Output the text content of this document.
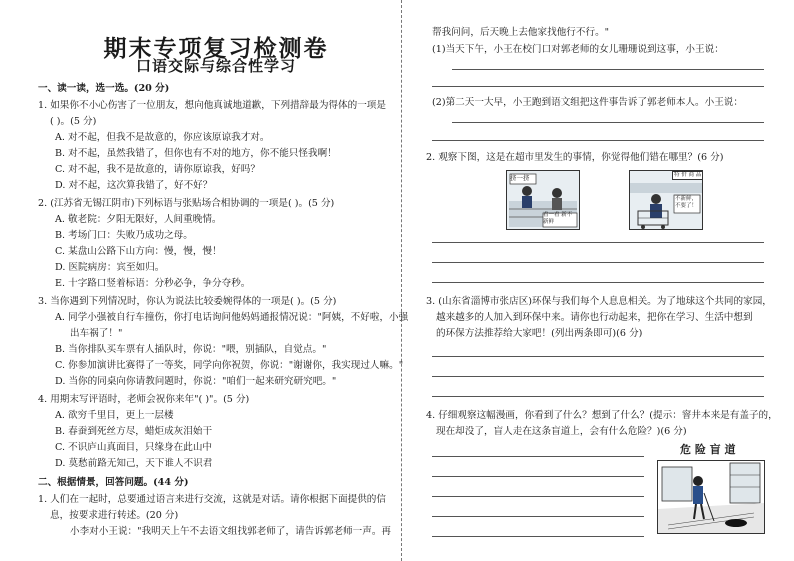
期末专项复习检测卷
口语交际与综合性学习
一、读一读，选一选。(20 分)
1. 如果你不小心伤害了一位朋友，想向他真诚地道歉，下列措辞最为得体的一项是
( )。(5 分)
A. 对不起，但我不是故意的，你应该原谅我才对。
B. 对不起，虽然我错了，但你也有不对的地方，你不能只怪我啊！
C. 对不起，我不是故意的，请你原谅我，好吗？
D. 对不起，这次算我错了，好不好？
2. (江苏省无锡江阴市)下列标语与张贴场合相协调的一项是( )。(5 分)
A. 敬老院：夕阳无限好，人间重晚情。
B. 考场门口：失败乃成功之母。
C. 某盘山公路下山方向：慢，慢，慢！
D. 医院病房：宾至如归。
E. 十字路口竖着标语：分秒必争，争分夺秒。
3. 当你遇到下列情况时，你认为说法比较委婉得体的一项是( )。(5 分)
A. 同学小强被自行车撞伤，你打电话询问他妈妈通报情况说："阿姨，不好啦，小强
出车祸了！"
B. 当你排队买车票有人插队时，你说："喂，别插队，自觉点。"
C. 你参加演讲比赛得了一等奖，同学向你祝贺，你说："谢谢你，我实现过人嘛。"
D. 当你的同桌向你请教问题时，你说："咱们一起来研究研究吧。"
4. 用期末写评语时，老师会祝你来年"( )"。(5 分)
A. 欲穷千里目，更上一层楼
B. 春蚕到死丝方尽，蜡炬成灰泪始干
C. 不识庐山真面目，只缘身在此山中
D. 莫愁前路无知己，天下谁人不识君
二、根据情景，回答问题。(44 分)
1. 人们在一起时，总要通过语言来进行交流，这就是对话。请你根据下面提供的信
息，按要求进行转述。(20 分)
小李对小王说："我明天上午不去语文组找郭老师了，请告诉郭老师一声。再
帮我问问，后天晚上去他家找他行不行。"
(1)当天下午，小王在校门口对郭老师的女儿珊珊说到这事，小王说：
(2)第二天一大早，小王跑到语文组把这件事告诉了郭老师本人。小王说：
2. 观察下图，这是在超市里发生的事情，你觉得他们错在哪里？(6 分)
挤一挤
看一看 新不新鲜
特 价 商 品
不新鲜，不要了！
3. (山东省淄博市张店区)环保与我们每个人息息相关。为了地球这个共同的家园，
越来越多的人加入到环保中来。请你也行动起来，把你在学习、生活中想到
的环保方法推荐给大家吧！(列出两条即可)(6 分)
4. 仔细观察这幅漫画，你看到了什么？想到了什么？(提示：窨井本来是有盖子的，
现在却没了，盲人走在这条盲道上，会有什么危险？)(6 分)
危 险 盲 道
